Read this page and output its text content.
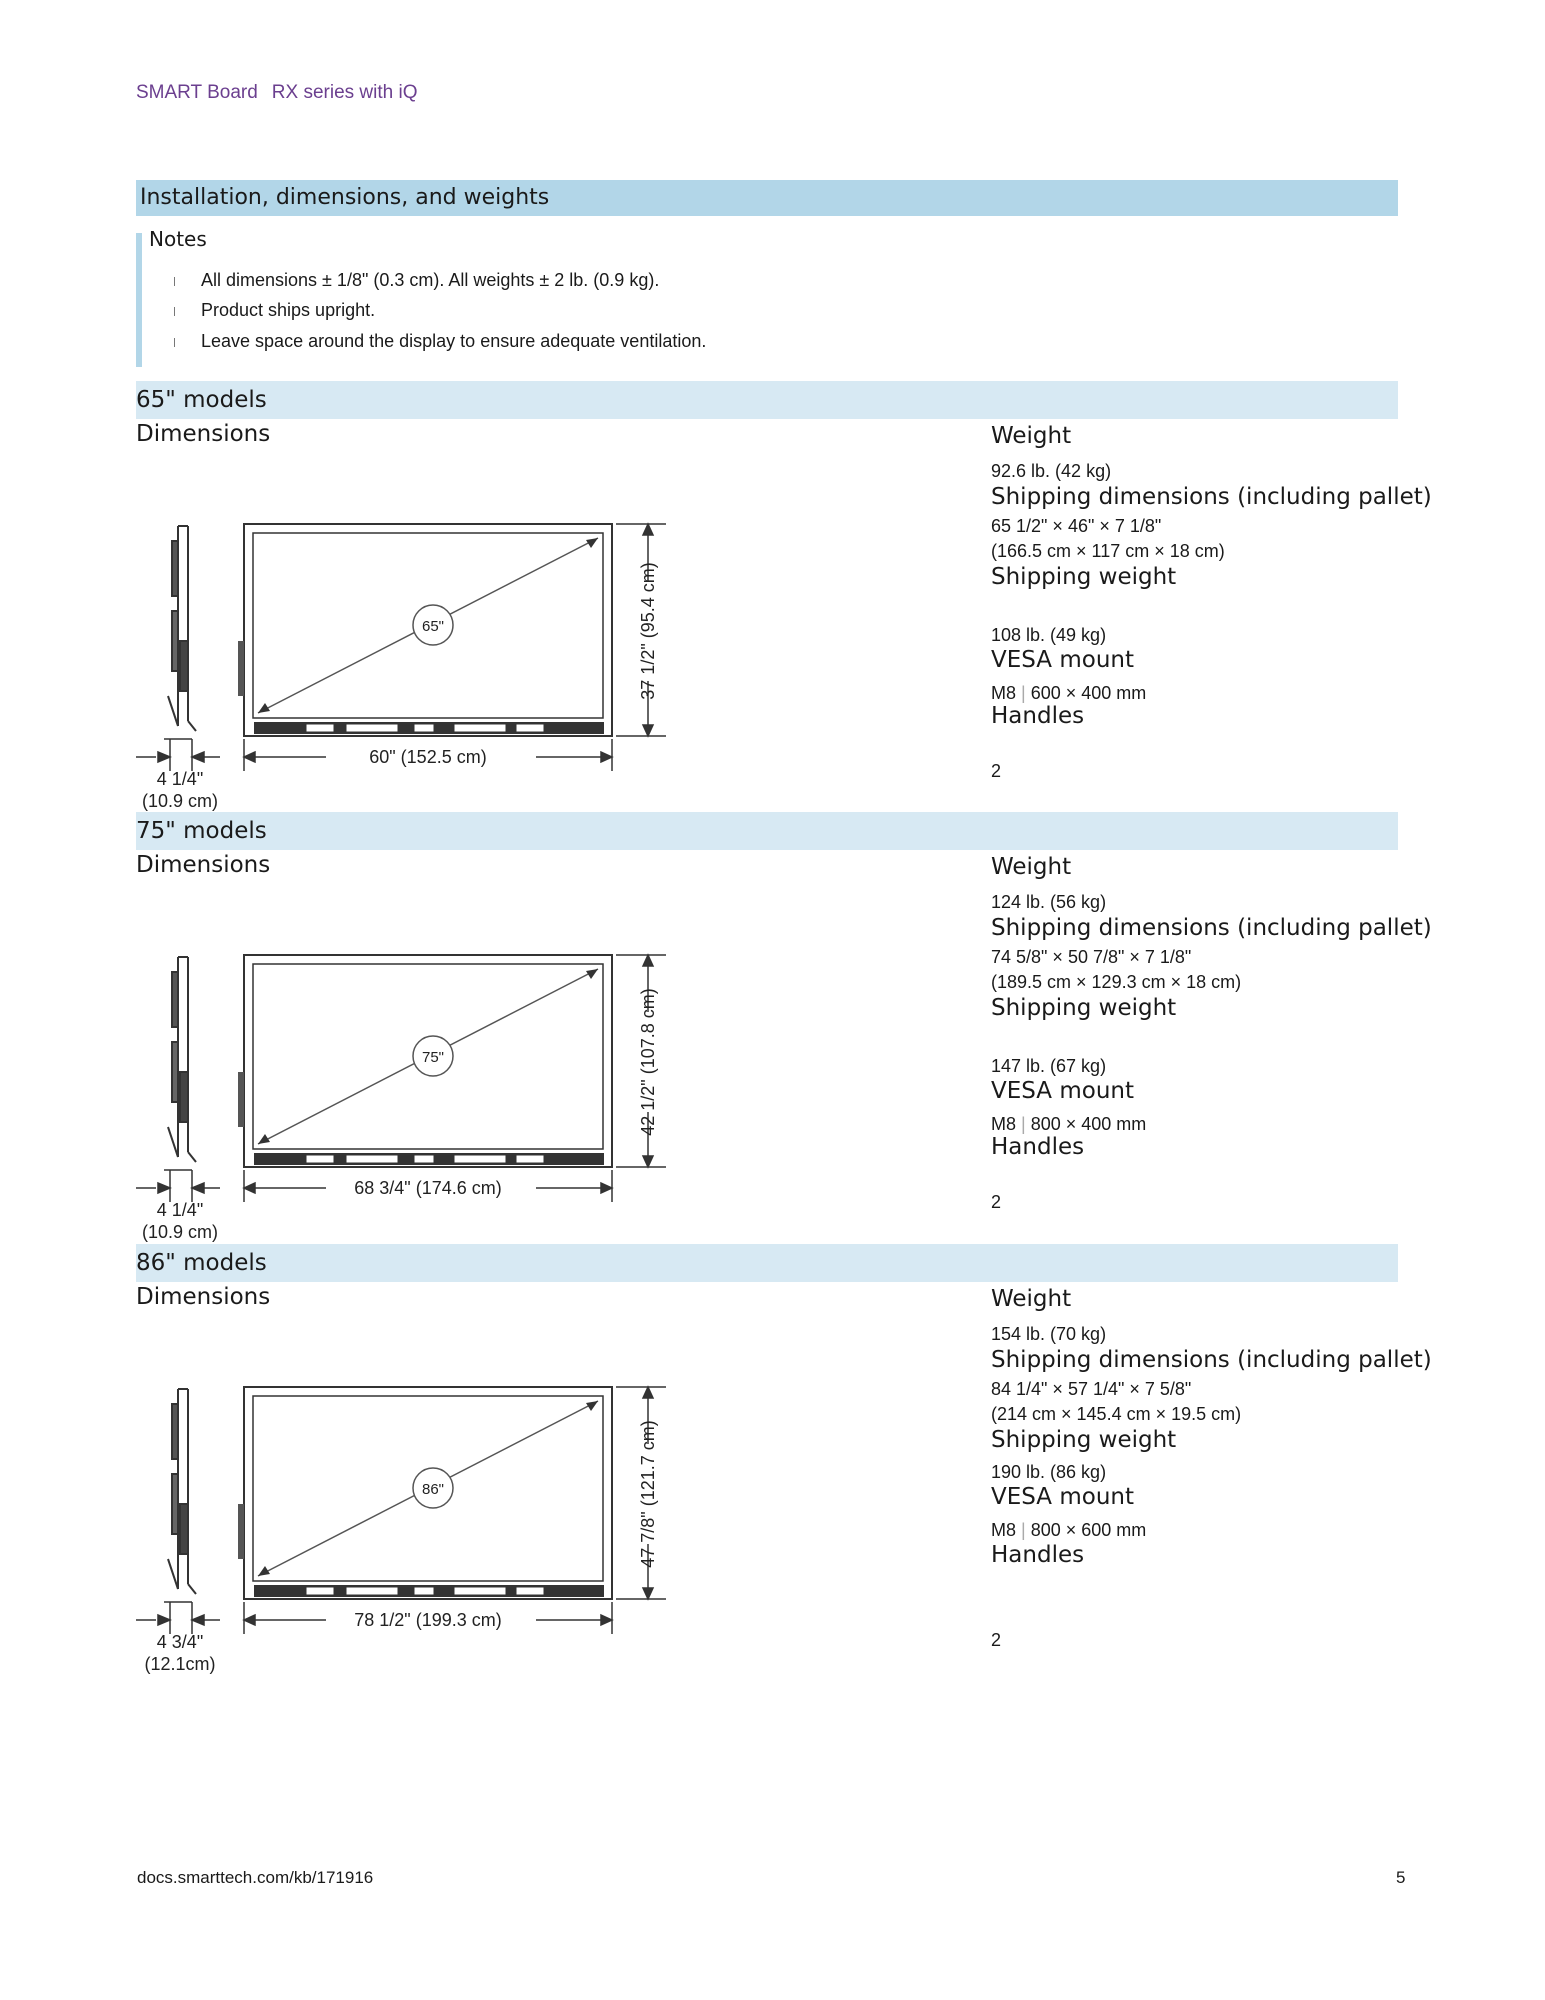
SMART Board RX series with iQ
Installation, dimensions, and weights
Notes
All dimensions ± 1/8" (0.3 cm). All weights ± 2 lb. (0.9 kg).
Product ships upright.
Leave space around the display to ensure adequate ventilation.
65" models
Dimensions
65"	37 1/2" (95.4 cm)
60" (152.5 cm)
4 1/4"
(10.9 cm)
Weight
92.6 lb. (42 kg)
Shipping dimensions (including pallet)
65 1/2" × 46" × 7 1/8"
(166.5 cm × 117 cm × 18 cm)
Shipping weight
108 lb. (49 kg)
VESA mount
M8 | 600 × 400 mm
Handles
2
75" models
Dimensions
75"	42 1/2" (107.8 cm)
68 3/4" (174.6 cm)
4 1/4"
(10.9 cm)
Weight
124 lb. (56 kg)
Shipping dimensions (including pallet)
74 5/8" × 50 7/8" × 7 1/8"
(189.5 cm × 129.3 cm × 18 cm)
Shipping weight
147 lb. (67 kg)
VESA mount
M8 | 800 × 400 mm
Handles
2
86" models
Dimensions
86"	47 7/8" (121.7 cm)
78 1/2" (199.3 cm)
4 3/4"
(12.1cm)
Weight
154 lb. (70 kg)
Shipping dimensions (including pallet)
84 1/4" × 57 1/4" × 7 5/8"
(214 cm × 145.4 cm × 19.5 cm)
Shipping weight
190 lb. (86 kg)
VESA mount
M8 | 800 × 600 mm
Handles
2
docs.smarttech.com/kb/171916	5
